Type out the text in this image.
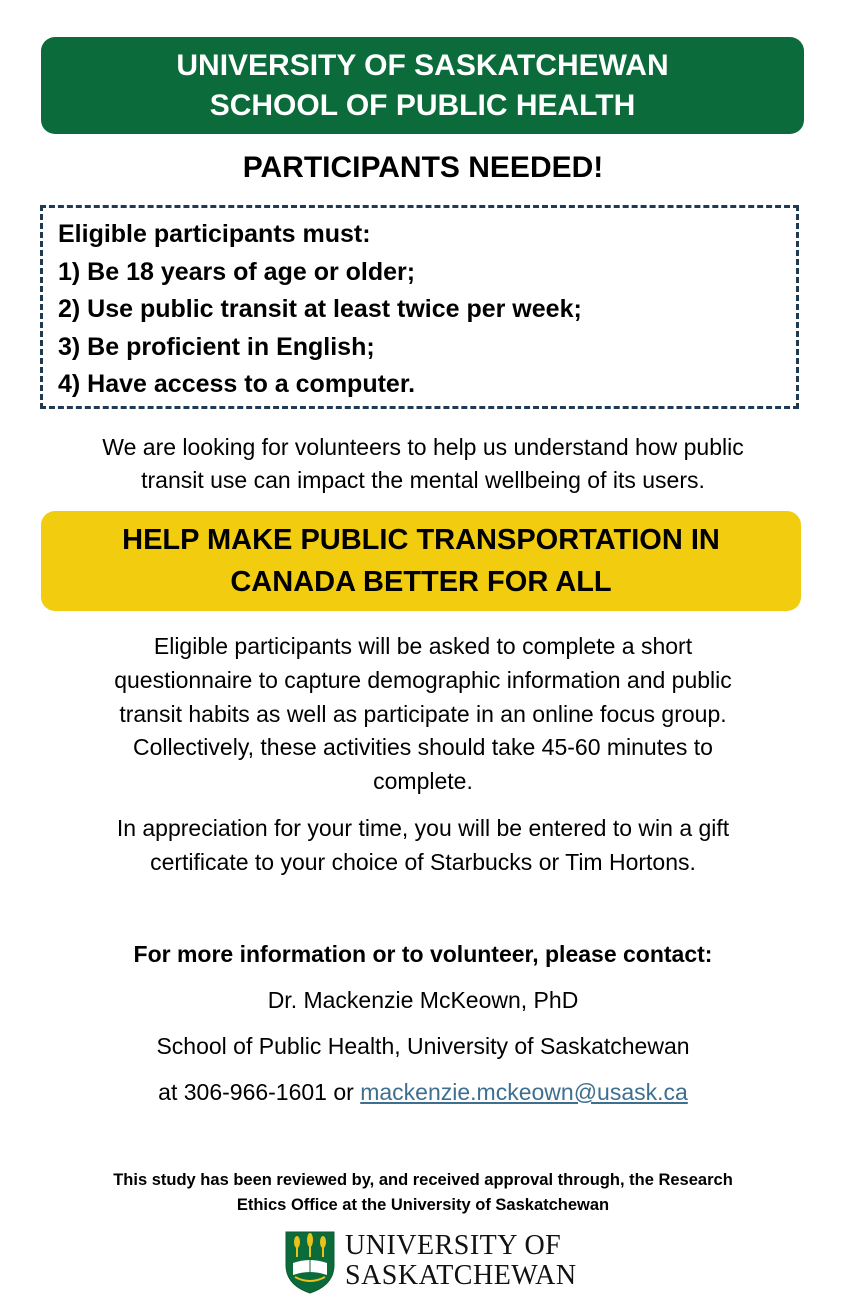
UNIVERSITY OF SASKATCHEWAN
SCHOOL OF PUBLIC HEALTH
PARTICIPANTS NEEDED!
Eligible participants must:
1) Be 18 years of age or older;
2) Use public transit at least twice per week;
3) Be proficient in English;
4) Have access to a computer.
We are looking for volunteers to help us understand how public
transit use can impact the mental wellbeing of its users.
HELP MAKE PUBLIC TRANSPORTATION IN
CANADA BETTER FOR ALL
Eligible participants will be asked to complete a short
questionnaire to capture demographic information and public
transit habits as well as participate in an online focus group.
Collectively, these activities should take 45-60 minutes to
complete.
In appreciation for your time, you will be entered to win a gift
certificate to your choice of Starbucks or Tim Hortons.
For more information or to volunteer, please contact:
Dr. Mackenzie McKeown, PhD
School of Public Health, University of Saskatchewan
at 306-966-1601 or mackenzie.mckeown@usask.ca
This study has been reviewed by, and received approval through, the Research
Ethics Office at the University of Saskatchewan
UNIVERSITY OF
SASKATCHEWAN
